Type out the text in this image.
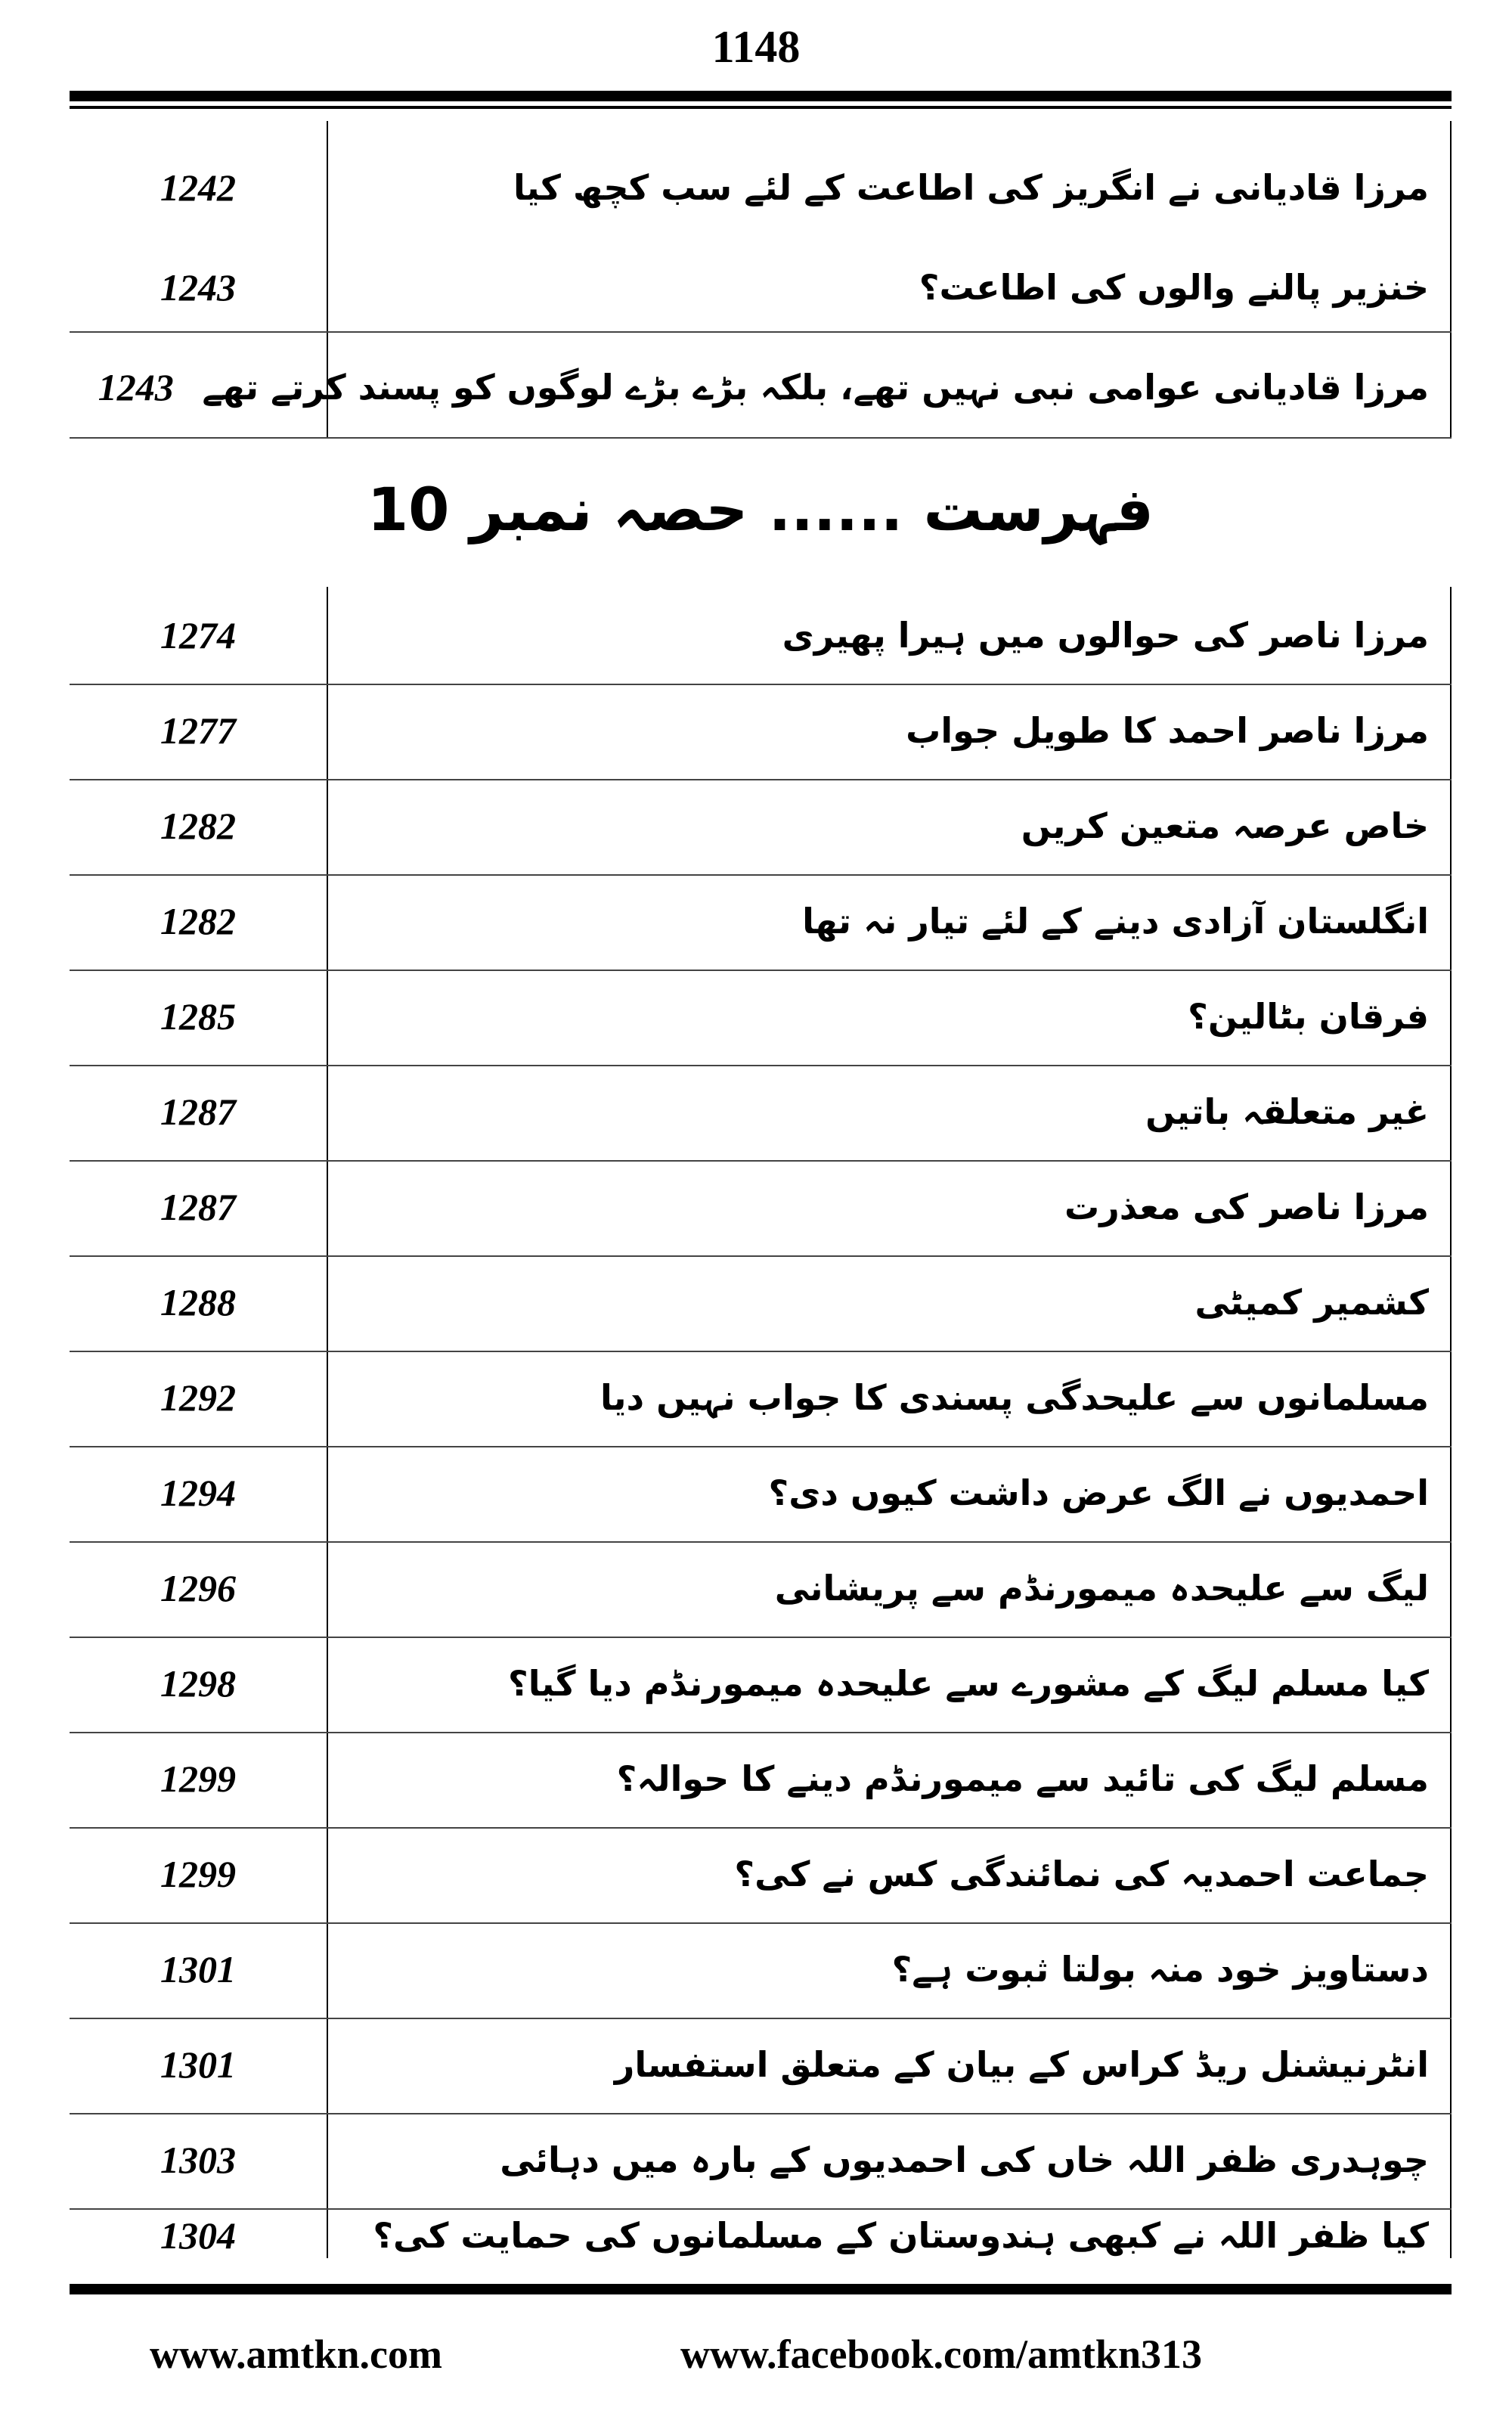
1148
مرزا قادیانی نے انگریز کی اطاعت کے لئے سب کچھ کیا
1242
خنزیر پالنے والوں کی اطاعت؟
1243
مرزا قادیانی عوامی نبی نہیں تھے، بلکہ بڑے بڑے لوگوں کو پسند کرتے تھے
1243
فہرست ...... حصہ نمبر 10
مرزا ناصر کی حوالوں میں ہیرا پھیری
1274
مرزا ناصر احمد کا طویل جواب
1277
خاص عرصہ متعین کریں
1282
انگلستان آزادی دینے کے لئے تیار نہ تھا
1282
فرقان بٹالین؟
1285
غیر متعلقہ باتیں
1287
مرزا ناصر کی معذرت
1287
کشمیر کمیٹی
1288
مسلمانوں سے علیحدگی پسندی کا جواب نہیں دیا
1292
احمدیوں نے الگ عرض داشت کیوں دی؟
1294
لیگ سے علیحدہ میمورنڈم سے پریشانی
1296
کیا مسلم لیگ کے مشورے سے علیحدہ میمورنڈم دیا گیا؟
1298
مسلم لیگ کی تائید سے میمورنڈم دینے کا حوالہ؟
1299
جماعت احمدیہ کی نمائندگی کس نے کی؟
1299
دستاویز خود منہ بولتا ثبوت ہے؟
1301
انٹرنیشنل ریڈ کراس کے بیان کے متعلق استفسار
1301
چوہدری ظفر اللہ خاں کی احمدیوں کے بارہ میں دہائی
1303
کیا ظفر اللہ نے کبھی ہندوستان کے مسلمانوں کی حمایت کی؟
1304
www.amtkn.com	www.facebook.com/amtkn313
